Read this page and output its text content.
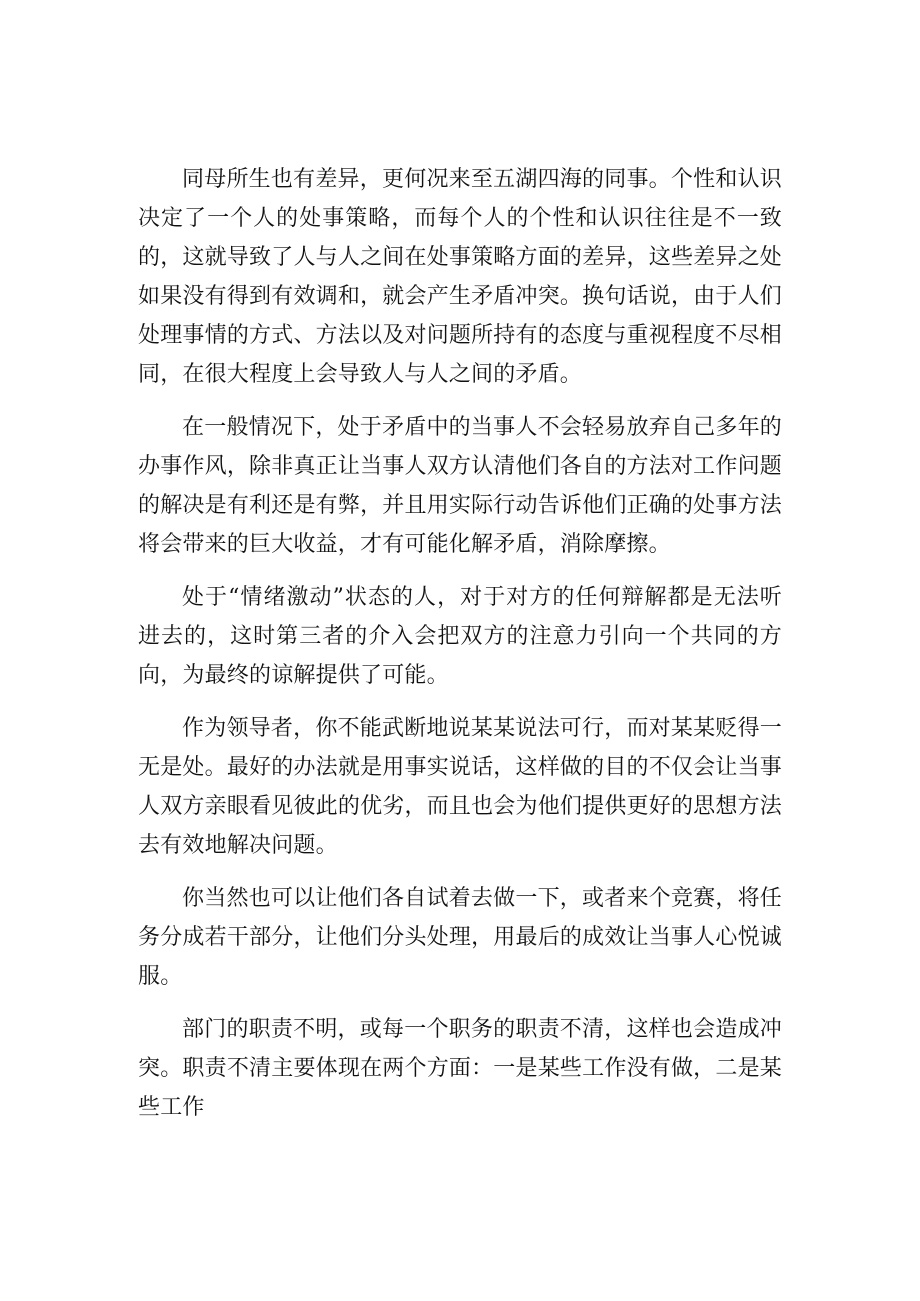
同母所生也有差异，更何况来至五湖四海的同事。个性和认识决定了一个人的处事策略，而每个人的个性和认识往往是不一致的，这就导致了人与人之间在处事策略方面的差异，这些差异之处如果没有得到有效调和，就会产生矛盾冲突。换句话说，由于人们处理事情的方式、方法以及对问题所持有的态度与重视程度不尽相同，在很大程度上会导致人与人之间的矛盾。

在一般情况下，处于矛盾中的当事人不会轻易放弃自己多年的办事作风，除非真正让当事人双方认清他们各自的方法对工作问题的解决是有利还是有弊，并且用实际行动告诉他们正确的处事方法将会带来的巨大收益，才有可能化解矛盾，消除摩擦。

处于“情绪激动”状态的人，对于对方的任何辩解都是无法听进去的，这时第三者的介入会把双方的注意力引向一个共同的方向，为最终的谅解提供了可能。

作为领导者，你不能武断地说某某说法可行，而对某某贬得一无是处。最好的办法就是用事实说话，这样做的目的不仅会让当事人双方亲眼看见彼此的优劣，而且也会为他们提供更好的思想方法去有效地解决问题。

你当然也可以让他们各自试着去做一下，或者来个竞赛，将任务分成若干部分，让他们分头处理，用最后的成效让当事人心悦诚服。

部门的职责不明，或每一个职务的职责不清，这样也会造成冲突。职责不清主要体现在两个方面：一是某些工作没有做，二是某些工作
